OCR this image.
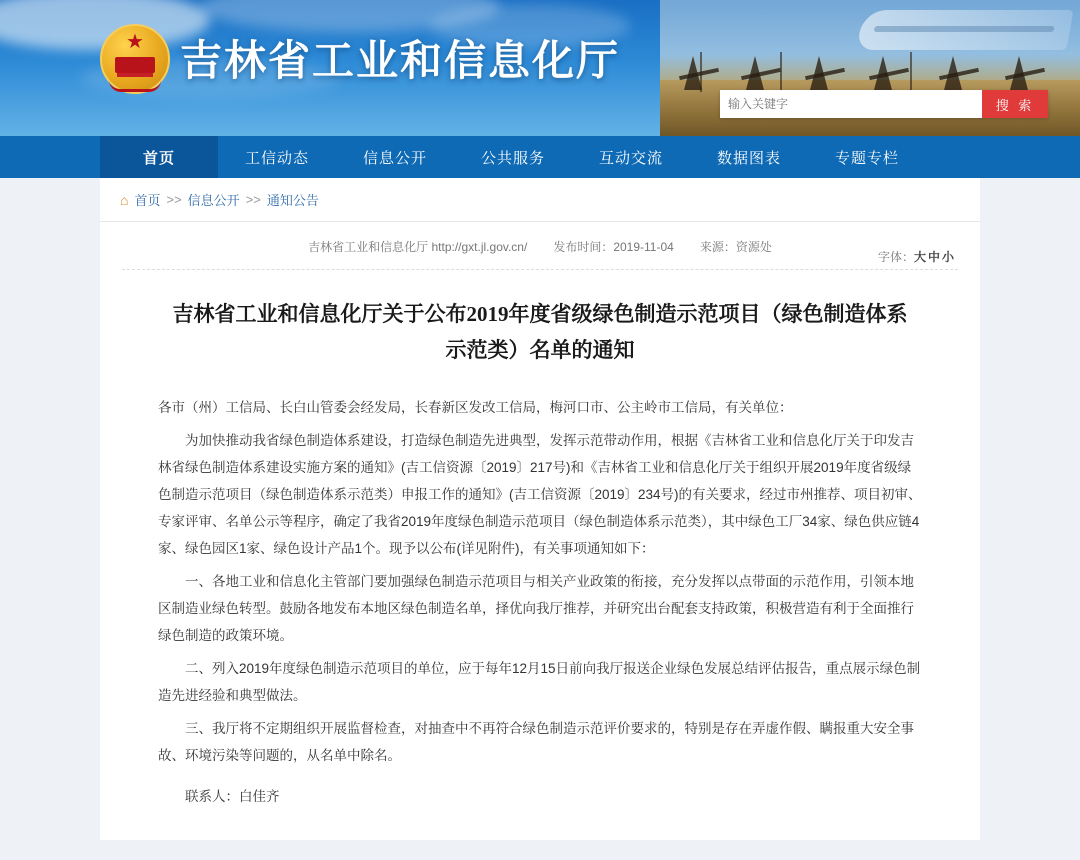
★ 吉林省工业和信息化厅
输入关键字
搜 索
首页	工信动态	信息公开	公共服务	互动交流	数据图表	专题专栏
⌂ 首页 >> 信息公开 >> 通知公告
吉林省工业和信息化厅 http://gxt.jl.gov.cn/ 发布时间：2019-11-04 来源：资源处
字体：大中小
吉林省工业和信息化厅关于公布2019年度省级绿色制造示范项目（绿色制造体系示范类）名单的通知

各市（州）工信局、长白山管委会经发局，长春新区发改工信局，梅河口市、公主岭市工信局，有关单位：

为加快推动我省绿色制造体系建设，打造绿色制造先进典型，发挥示范带动作用，根据《吉林省工业和信息化厅关于印发吉林省绿色制造体系建设实施方案的通知》(吉工信资源〔2019〕217号)和《吉林省工业和信息化厅关于组织开展2019年度省级绿色制造示范项目（绿色制造体系示范类）申报工作的通知》(吉工信资源〔2019〕234号)的有关要求，经过市州推荐、项目初审、专家评审、名单公示等程序，确定了我省2019年度绿色制造示范项目（绿色制造体系示范类），其中绿色工厂34家、绿色供应链4家、绿色园区1家、绿色设计产品1个。现予以公布(详见附件)，有关事项通知如下：

一、各地工业和信息化主管部门要加强绿色制造示范项目与相关产业政策的衔接，充分发挥以点带面的示范作用，引领本地区制造业绿色转型。鼓励各地发布本地区绿色制造名单，择优向我厅推荐，并研究出台配套支持政策，积极营造有利于全面推行绿色制造的政策环境。

二、列入2019年度绿色制造示范项目的单位，应于每年12月15日前向我厅报送企业绿色发展总结评估报告，重点展示绿色制造先进经验和典型做法。

三、我厅将不定期组织开展监督检查，对抽查中不再符合绿色制造示范评价要求的，特别是存在弄虚作假、瞒报重大安全事故、环境污染等问题的，从名单中除名。

联系人：白佳齐
